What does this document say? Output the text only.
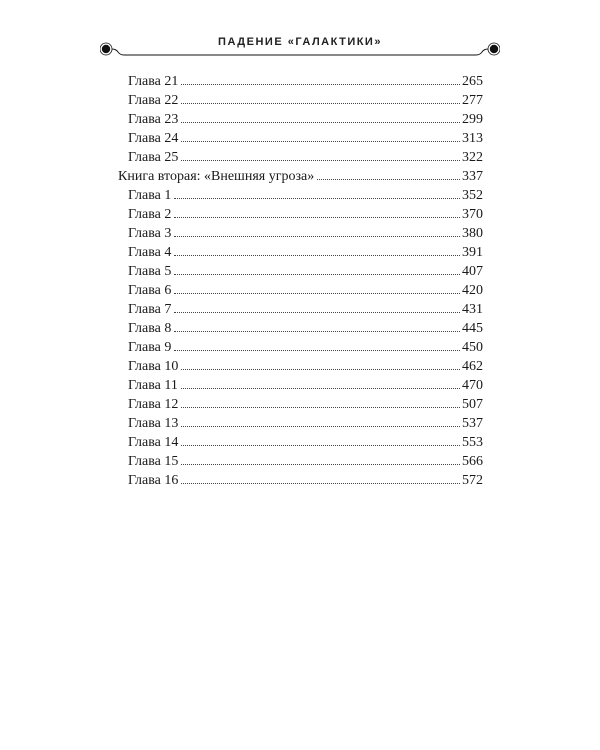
ПАДЕНИЕ «ГАЛАКТИКИ»
Глава 21	265
Глава 22	277
Глава 23	299
Глава 24	313
Глава 25	322
Книга вторая: «Внешняя угроза»	337
Глава 1	352
Глава 2	370
Глава 3	380
Глава 4	391
Глава 5	407
Глава 6	420
Глава 7	431
Глава 8	445
Глава 9	450
Глава 10	462
Глава 11	470
Глава 12	507
Глава 13	537
Глава 14	553
Глава 15	566
Глава 16	572
